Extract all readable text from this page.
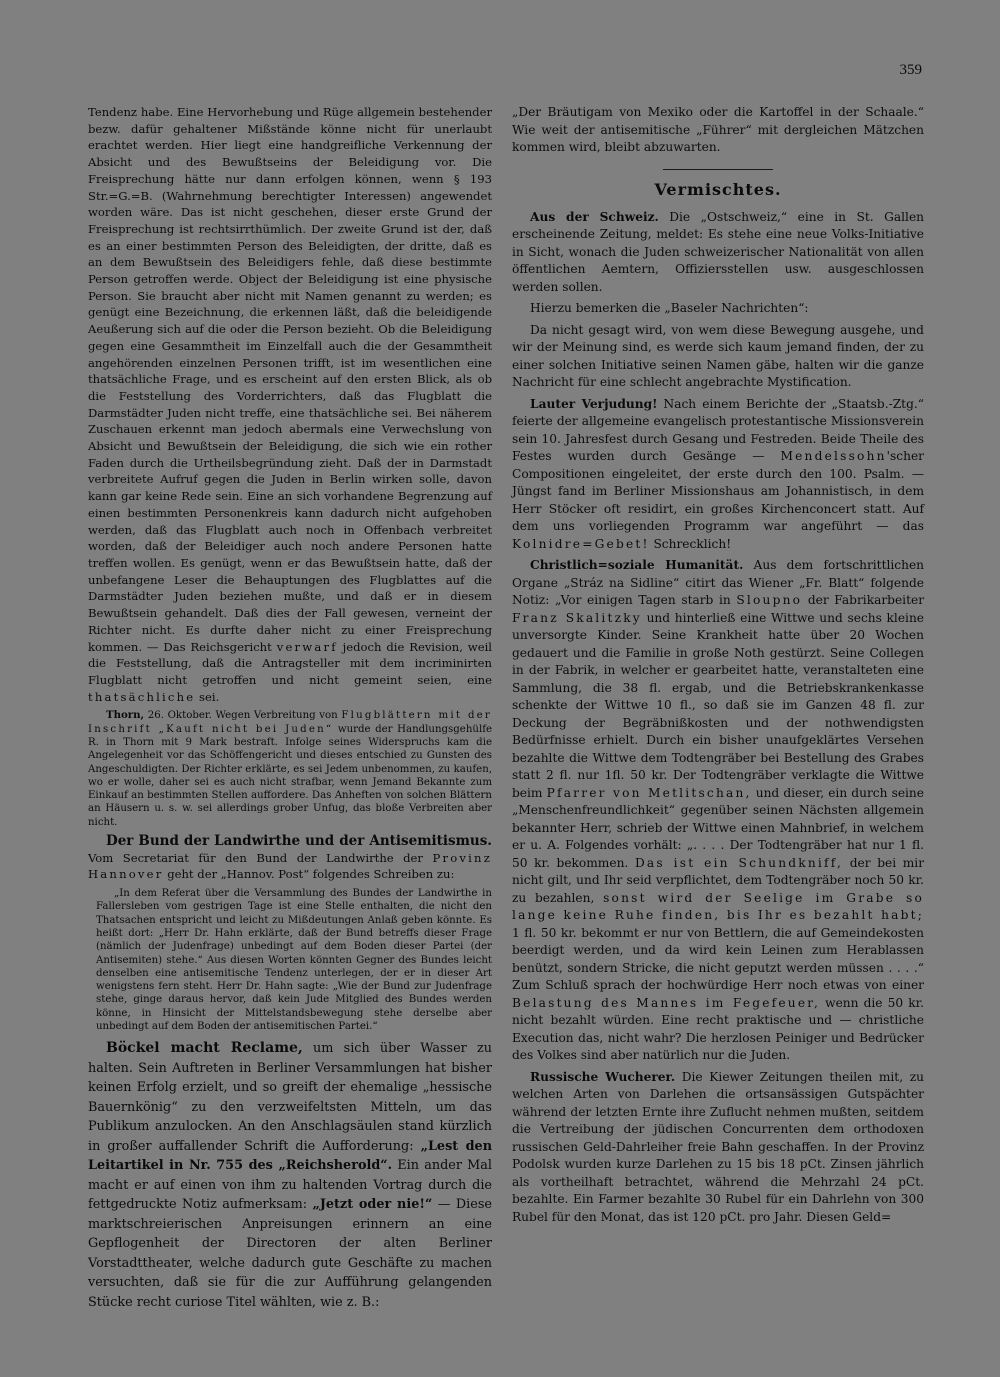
359

Tendenz habe. Eine Hervorhebung und Rüge allgemein bestehender bezw. dafür gehaltener Mißstände könne nicht für unerlaubt erachtet werden. Hier liegt eine handgreifliche Verkennung der Absicht und des Bewußtseins der Beleidigung vor. Die Freisprechung hätte nur dann erfolgen können, wenn § 193 Str.=G.=B. (Wahrnehmung berechtigter Interessen) angewendet worden wäre. Das ist nicht geschehen, dieser erste Grund der Freisprechung ist rechtsirrthümlich. Der zweite Grund ist der, daß es an einer bestimmten Person des Beleidigten, der dritte, daß es an dem Bewußtsein des Beleidigers fehle, daß diese bestimmte Person getroffen werde. Object der Beleidigung ist eine physische Person. Sie braucht aber nicht mit Namen genannt zu werden; es genügt eine Bezeichnung, die erkennen läßt, daß die beleidigende Aeußerung sich auf die oder die Person bezieht. Ob die Beleidigung gegen eine Gesammtheit im Einzelfall auch die der Gesammtheit angehörenden einzelnen Personen trifft, ist im wesentlichen eine thatsächliche Frage, und es erscheint auf den ersten Blick, als ob die Feststellung des Vorderrichters, daß das Flugblatt die Darmstädter Juden nicht treffe, eine thatsächliche sei. Bei näherem Zuschauen erkennt man jedoch abermals eine Verwechslung von Absicht und Bewußtsein der Beleidigung, die sich wie ein rother Faden durch die Urtheilsbegründung zieht. Daß der in Darmstadt verbreitete Aufruf gegen die Juden in Berlin wirken solle, davon kann gar keine Rede sein. Eine an sich vorhandene Begrenzung auf einen bestimmten Personenkreis kann dadurch nicht aufgehoben werden, daß das Flugblatt auch noch in Offenbach verbreitet worden, daß der Beleidiger auch noch andere Personen hatte treffen wollen. Es genügt, wenn er das Bewußtsein hatte, daß der unbefangene Leser die Behauptungen des Flugblattes auf die Darmstädter Juden beziehen mußte, und daß er in diesem Bewußtsein gehandelt. Daß dies der Fall gewesen, verneint der Richter nicht. Es durfte daher nicht zu einer Freisprechung kommen. — Das Reichsgericht verwarf jedoch die Revision, weil die Feststellung, daß die Antragsteller mit dem incriminirten Flugblatt nicht getroffen und nicht gemeint seien, eine thatsächliche sei.

Thorn, 26. Oktober. Wegen Verbreitung von Flugblättern mit der Inschrift „Kauft nicht bei Juden“ wurde der Handlungsgehülfe R. in Thorn mit 9 Mark bestraft. Infolge seines Widerspruchs kam die Angelegenheit vor das Schöffengericht und dieses entschied zu Gunsten des Angeschuldigten. Der Richter erklärte, es sei Jedem unbenommen, zu kaufen, wo er wolle, daher sei es auch nicht strafbar, wenn Jemand Bekannte zum Einkauf an bestimmten Stellen auffordere. Das Anheften von solchen Blättern an Häusern u. s. w. sei allerdings grober Unfug, das bloße Verbreiten aber nicht.

Der Bund der Landwirthe und der Antisemitismus. Vom Secretariat für den Bund der Landwirthe der Provinz Hannover geht der „Hannov. Post“ folgendes Schreiben zu:

„In dem Referat über die Versammlung des Bundes der Landwirthe in Fallersleben vom gestrigen Tage ist eine Stelle enthalten, die nicht den Thatsachen entspricht und leicht zu Mißdeutungen Anlaß geben könnte. Es heißt dort: „Herr Dr. Hahn erklärte, daß der Bund betreffs dieser Frage (nämlich der Judenfrage) unbedingt auf dem Boden dieser Partei (der Antisemiten) stehe.“ Aus diesen Worten könnten Gegner des Bundes leicht denselben eine antisemitische Tendenz unterlegen, der er in dieser Art wenigstens fern steht. Herr Dr. Hahn sagte: „Wie der Bund zur Judenfrage stehe, ginge daraus hervor, daß kein Jude Mitglied des Bundes werden könne, in Hinsicht der Mittelstandsbewegung stehe derselbe aber unbedingt auf dem Boden der antisemitischen Partei.“

Böckel macht Reclame, um sich über Wasser zu halten. Sein Auftreten in Berliner Versammlungen hat bisher keinen Erfolg erzielt, und so greift der ehemalige „hessische Bauernkönig“ zu den verzweifeltsten Mitteln, um das Publikum anzulocken. An den Anschlagsäulen stand kürzlich in großer auffallender Schrift die Aufforderung: „Lest den Leitartikel in Nr. 755 des „Reichsherold“. Ein ander Mal macht er auf einen von ihm zu haltenden Vortrag durch die fettgedruckte Notiz aufmerksam: „Jetzt oder nie!“ — Diese marktschreierischen Anpreisungen erinnern an eine Gepflogenheit der Directoren der alten Berliner Vorstadttheater, welche dadurch gute Geschäfte zu machen versuchten, daß sie für die zur Aufführung gelangenden Stücke recht curiose Titel wählten, wie z. B.:

„Der Bräutigam von Mexiko oder die Kartoffel in der Schaale.“ Wie weit der antisemitische „Führer“ mit dergleichen Mätzchen kommen wird, bleibt abzuwarten.

Vermischtes.

Aus der Schweiz. Die „Ostschweiz,“ eine in St. Gallen erscheinende Zeitung, meldet: Es stehe eine neue Volks-Initiative in Sicht, wonach die Juden schweizerischer Nationalität von allen öffentlichen Aemtern, Offiziersstellen usw. ausgeschlossen werden sollen.

Hierzu bemerken die „Baseler Nachrichten“:

Da nicht gesagt wird, von wem diese Bewegung ausgehe, und wir der Meinung sind, es werde sich kaum jemand finden, der zu einer solchen Initiative seinen Namen gäbe, halten wir die ganze Nachricht für eine schlecht angebrachte Mystification.

Lauter Verjudung! Nach einem Berichte der „Staatsb.-Ztg.“ feierte der allgemeine evangelisch protestantische Missionsverein sein 10. Jahresfest durch Gesang und Festreden. Beide Theile des Festes wurden durch Gesänge — Mendelssohn'scher Compositionen eingeleitet, der erste durch den 100. Psalm. — Jüngst fand im Berliner Missionshaus am Johannistisch, in dem Herr Stöcker oft residirt, ein großes Kirchenconcert statt. Auf dem uns vorliegenden Programm war angeführt — das Kolnidre=Gebet! Schrecklich!

Christlich=soziale Humanität. Aus dem fortschrittlichen Organe „Stráz na Sidline“ citirt das Wiener „Fr. Blatt“ folgende Notiz: „Vor einigen Tagen starb in Sloupno der Fabrikarbeiter Franz Skalitzky und hinterließ eine Wittwe und sechs kleine unversorgte Kinder. Seine Krankheit hatte über 20 Wochen gedauert und die Familie in große Noth gestürzt. Seine Collegen in der Fabrik, in welcher er gearbeitet hatte, veranstalteten eine Sammlung, die 38 fl. ergab, und die Betriebskrankenkasse schenkte der Wittwe 10 fl., so daß sie im Ganzen 48 fl. zur Deckung der Begräbnißkosten und der nothwendigsten Bedürfnisse erhielt. Durch ein bisher unaufgeklärtes Versehen bezahlte die Wittwe dem Todtengräber bei Bestellung des Grabes statt 2 fl. nur 1fl. 50 kr. Der Todtengräber verklagte die Wittwe beim Pfarrer von Metlitschan, und dieser, ein durch seine „Menschenfreundlichkeit“ gegenüber seinen Nächsten allgemein bekannter Herr, schrieb der Wittwe einen Mahnbrief, in welchem er u. A. Folgendes vorhält: „. . . . Der Todtengräber hat nur 1 fl. 50 kr. bekommen. Das ist ein Schundkniff, der bei mir nicht gilt, und Ihr seid verpflichtet, dem Todtengräber noch 50 kr. zu bezahlen, sonst wird der Seelige im Grabe so lange keine Ruhe finden, bis Ihr es bezahlt habt; 1 fl. 50 kr. bekommt er nur von Bettlern, die auf Gemeindekosten beerdigt werden, und da wird kein Leinen zum Herablassen benützt, sondern Stricke, die nicht geputzt werden müssen . . . .“ Zum Schluß sprach der hochwürdige Herr noch etwas von einer Belastung des Mannes im Fegefeuer, wenn die 50 kr. nicht bezahlt würden. Eine recht praktische und — christliche Execution das, nicht wahr? Die herzlosen Peiniger und Bedrücker des Volkes sind aber natürlich nur die Juden.

Russische Wucherer. Die Kiewer Zeitungen theilen mit, zu welchen Arten von Darlehen die ortsansässigen Gutspächter während der letzten Ernte ihre Zuflucht nehmen mußten, seitdem die Vertreibung der jüdischen Concurrenten dem orthodoxen russischen Geld-Dahrleiher freie Bahn geschaffen. In der Provinz Podolsk wurden kurze Darlehen zu 15 bis 18 pCt. Zinsen jährlich als vortheilhaft betrachtet, während die Mehrzahl 24 pCt. bezahlte. Ein Farmer bezahlte 30 Rubel für ein Dahrlehn von 300 Rubel für den Monat, das ist 120 pCt. pro Jahr. Diesen Geld=
